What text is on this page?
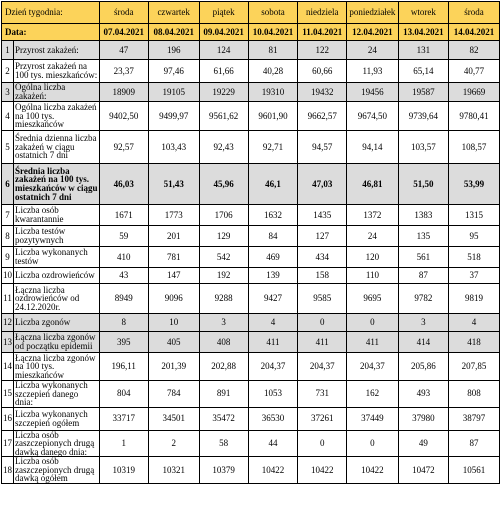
Dzień tygodnia:		środa	czwartek	piątek	sobota	niedziela	poniedziałek	wtorek	środa
Data:		07.04.2021	08.04.2021	09.04.2021	10.04.2021	11.04.2021	12.04.2021	13.04.2021	14.04.2021
1	Przyrost zakażeń:	47	196	124	81	122	24	131	82
2	Przyrost zakażeń na 100 tys. mieszkańców:	23,37	97,46	61,66	40,28	60,66	11,93	65,14	40,77
3	Ogólna liczba zakażeń:	18909	19105	19229	19310	19432	19456	19587	19669
4	Ogólna liczba zakażeń na 100 tys. mieszkańców	9402,50	9499,97	9561,62	9601,90	9662,57	9674,50	9739,64	9780,41
5	Średnia dzienna liczba zakażeń w ciągu ostatnich 7 dni	92,57	103,43	92,43	92,71	94,57	94,14	103,57	108,57
6	Średnia liczba zakażeń na 100 tys. mieszkańców w ciągu ostatnich 7 dni	46,03	51,43	45,96	46,1	47,03	46,81	51,50	53,99
7	Liczba osób kwarantannie	1671	1773	1706	1632	1435	1372	1383	1315
8	Liczba testów pozytywnych	59	201	129	84	127	24	135	95
9	Liczba wykonanych testów	410	781	542	469	434	120	561	518
10	Liczba ozdrowieńców	43	147	192	139	158	110	87	37
11	Łączna liczba ozdrowieńców od 24.12.2020r.	8949	9096	9288	9427	9585	9695	9782	9819
12	Liczba zgonów	8	10	3	4	0	0	3	4
13	Łączna liczba zgonów od początku epidemii	395	405	408	411	411	411	414	418
14	Łączna liczba zgonów na 100 tys. mieszkańców	196,11	201,39	202,88	204,37	204,37	204,37	205,86	207,85
15	Liczba wykonanych szczepień danego dnia:	804	784	891	1053	731	162	493	808
16	Liczba wykonanych szczepień ogółem	33717	34501	35472	36530	37261	37449	37980	38797
17	Liczba osób zaszczepionych drugą dawką danego dnia:	1	2	58	44	0	0	49	87
18	Liczba osób zaszczepionych drugą dawką ogółem	10319	10321	10379	10422	10422	10422	10472	10561
